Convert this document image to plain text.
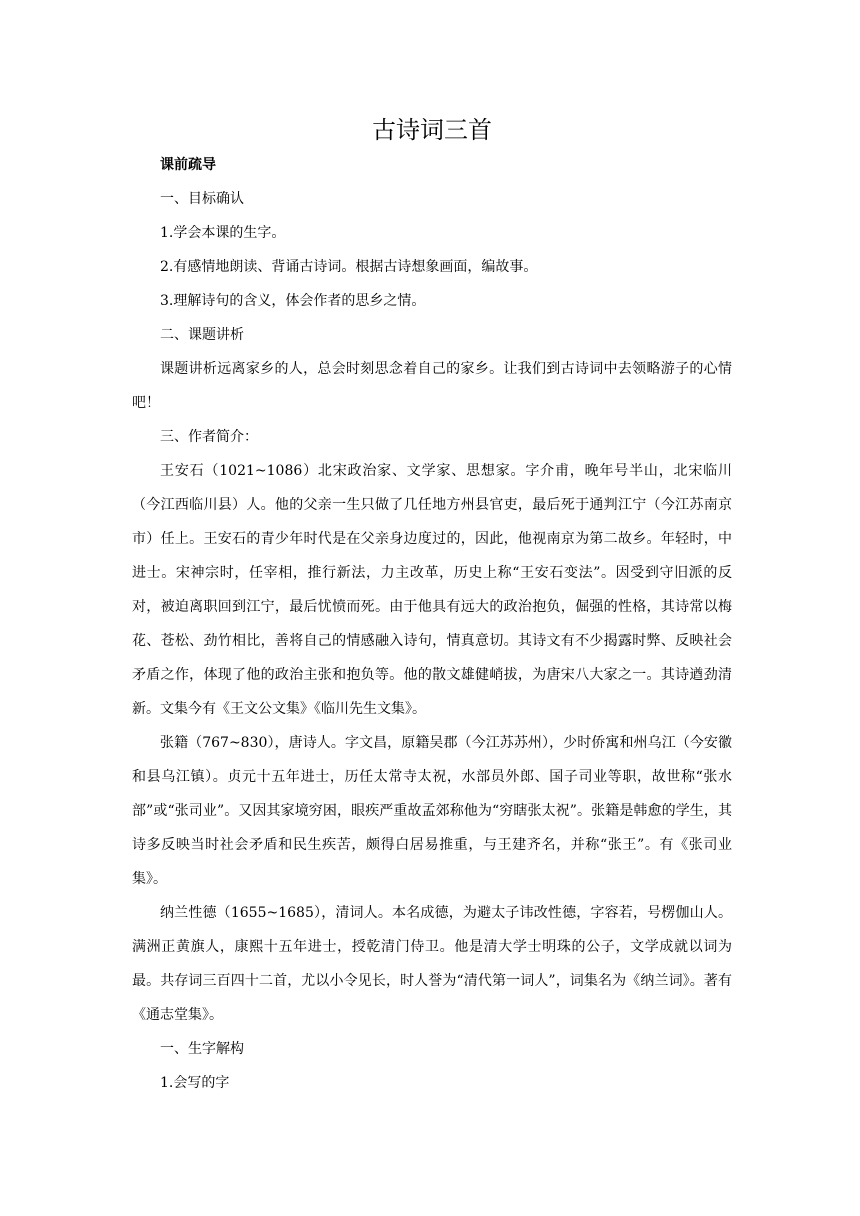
古诗词三首
课前疏导

一、目标确认

1.学会本课的生字。

2.有感情地朗读、背诵古诗词。根据古诗想象画面，编故事。

3.理解诗句的含义，体会作者的思乡之情。

二、课题讲析

课题讲析远离家乡的人，总会时刻思念着自己的家乡。让我们到古诗词中去领略游子的心情吧！

三、作者简介：

王安石（1021~1086）北宋政治家、文学家、思想家。字介甫，晚年号半山，北宋临川（今江西临川县）人。他的父亲一生只做了几任地方州县官吏，最后死于通判江宁（今江苏南京市）任上。王安石的青少年时代是在父亲身边度过的，因此，他视南京为第二故乡。年轻时，中进士。宋神宗时，任宰相，推行新法，力主改革，历史上称“王安石变法”。因受到守旧派的反对，被迫离职回到江宁，最后忧愤而死。由于他具有远大的政治抱负，倔强的性格，其诗常以梅花、苍松、劲竹相比，善将自己的情感融入诗句，情真意切。其诗文有不少揭露时弊、反映社会矛盾之作，体现了他的政治主张和抱负等。他的散文雄健峭拔，为唐宋八大家之一。其诗遒劲清新。文集今有《王文公文集》《临川先生文集》。

张籍（767~830），唐诗人。字文昌，原籍吴郡（今江苏苏州），少时侨寓和州乌江（今安徽和县乌江镇）。贞元十五年进士，历任太常寺太祝，水部员外郎、国子司业等职，故世称“张水部”或“张司业”。又因其家境穷困，眼疾严重故孟郊称他为“穷瞎张太祝”。张籍是韩愈的学生，其诗多反映当时社会矛盾和民生疾苦，颇得白居易推重，与王建齐名，并称“张王”。有《张司业集》。

纳兰性德（1655~1685），清词人。本名成德，为避太子讳改性德，字容若，号楞伽山人。满洲正黄旗人，康熙十五年进士，授乾清门侍卫。他是清大学士明珠的公子，文学成就以词为最。共存词三百四十二首，尤以小令见长，时人誉为“清代第一词人”，词集名为《纳兰词》。著有《通志堂集》。

一、生字解构

1.会写的字
